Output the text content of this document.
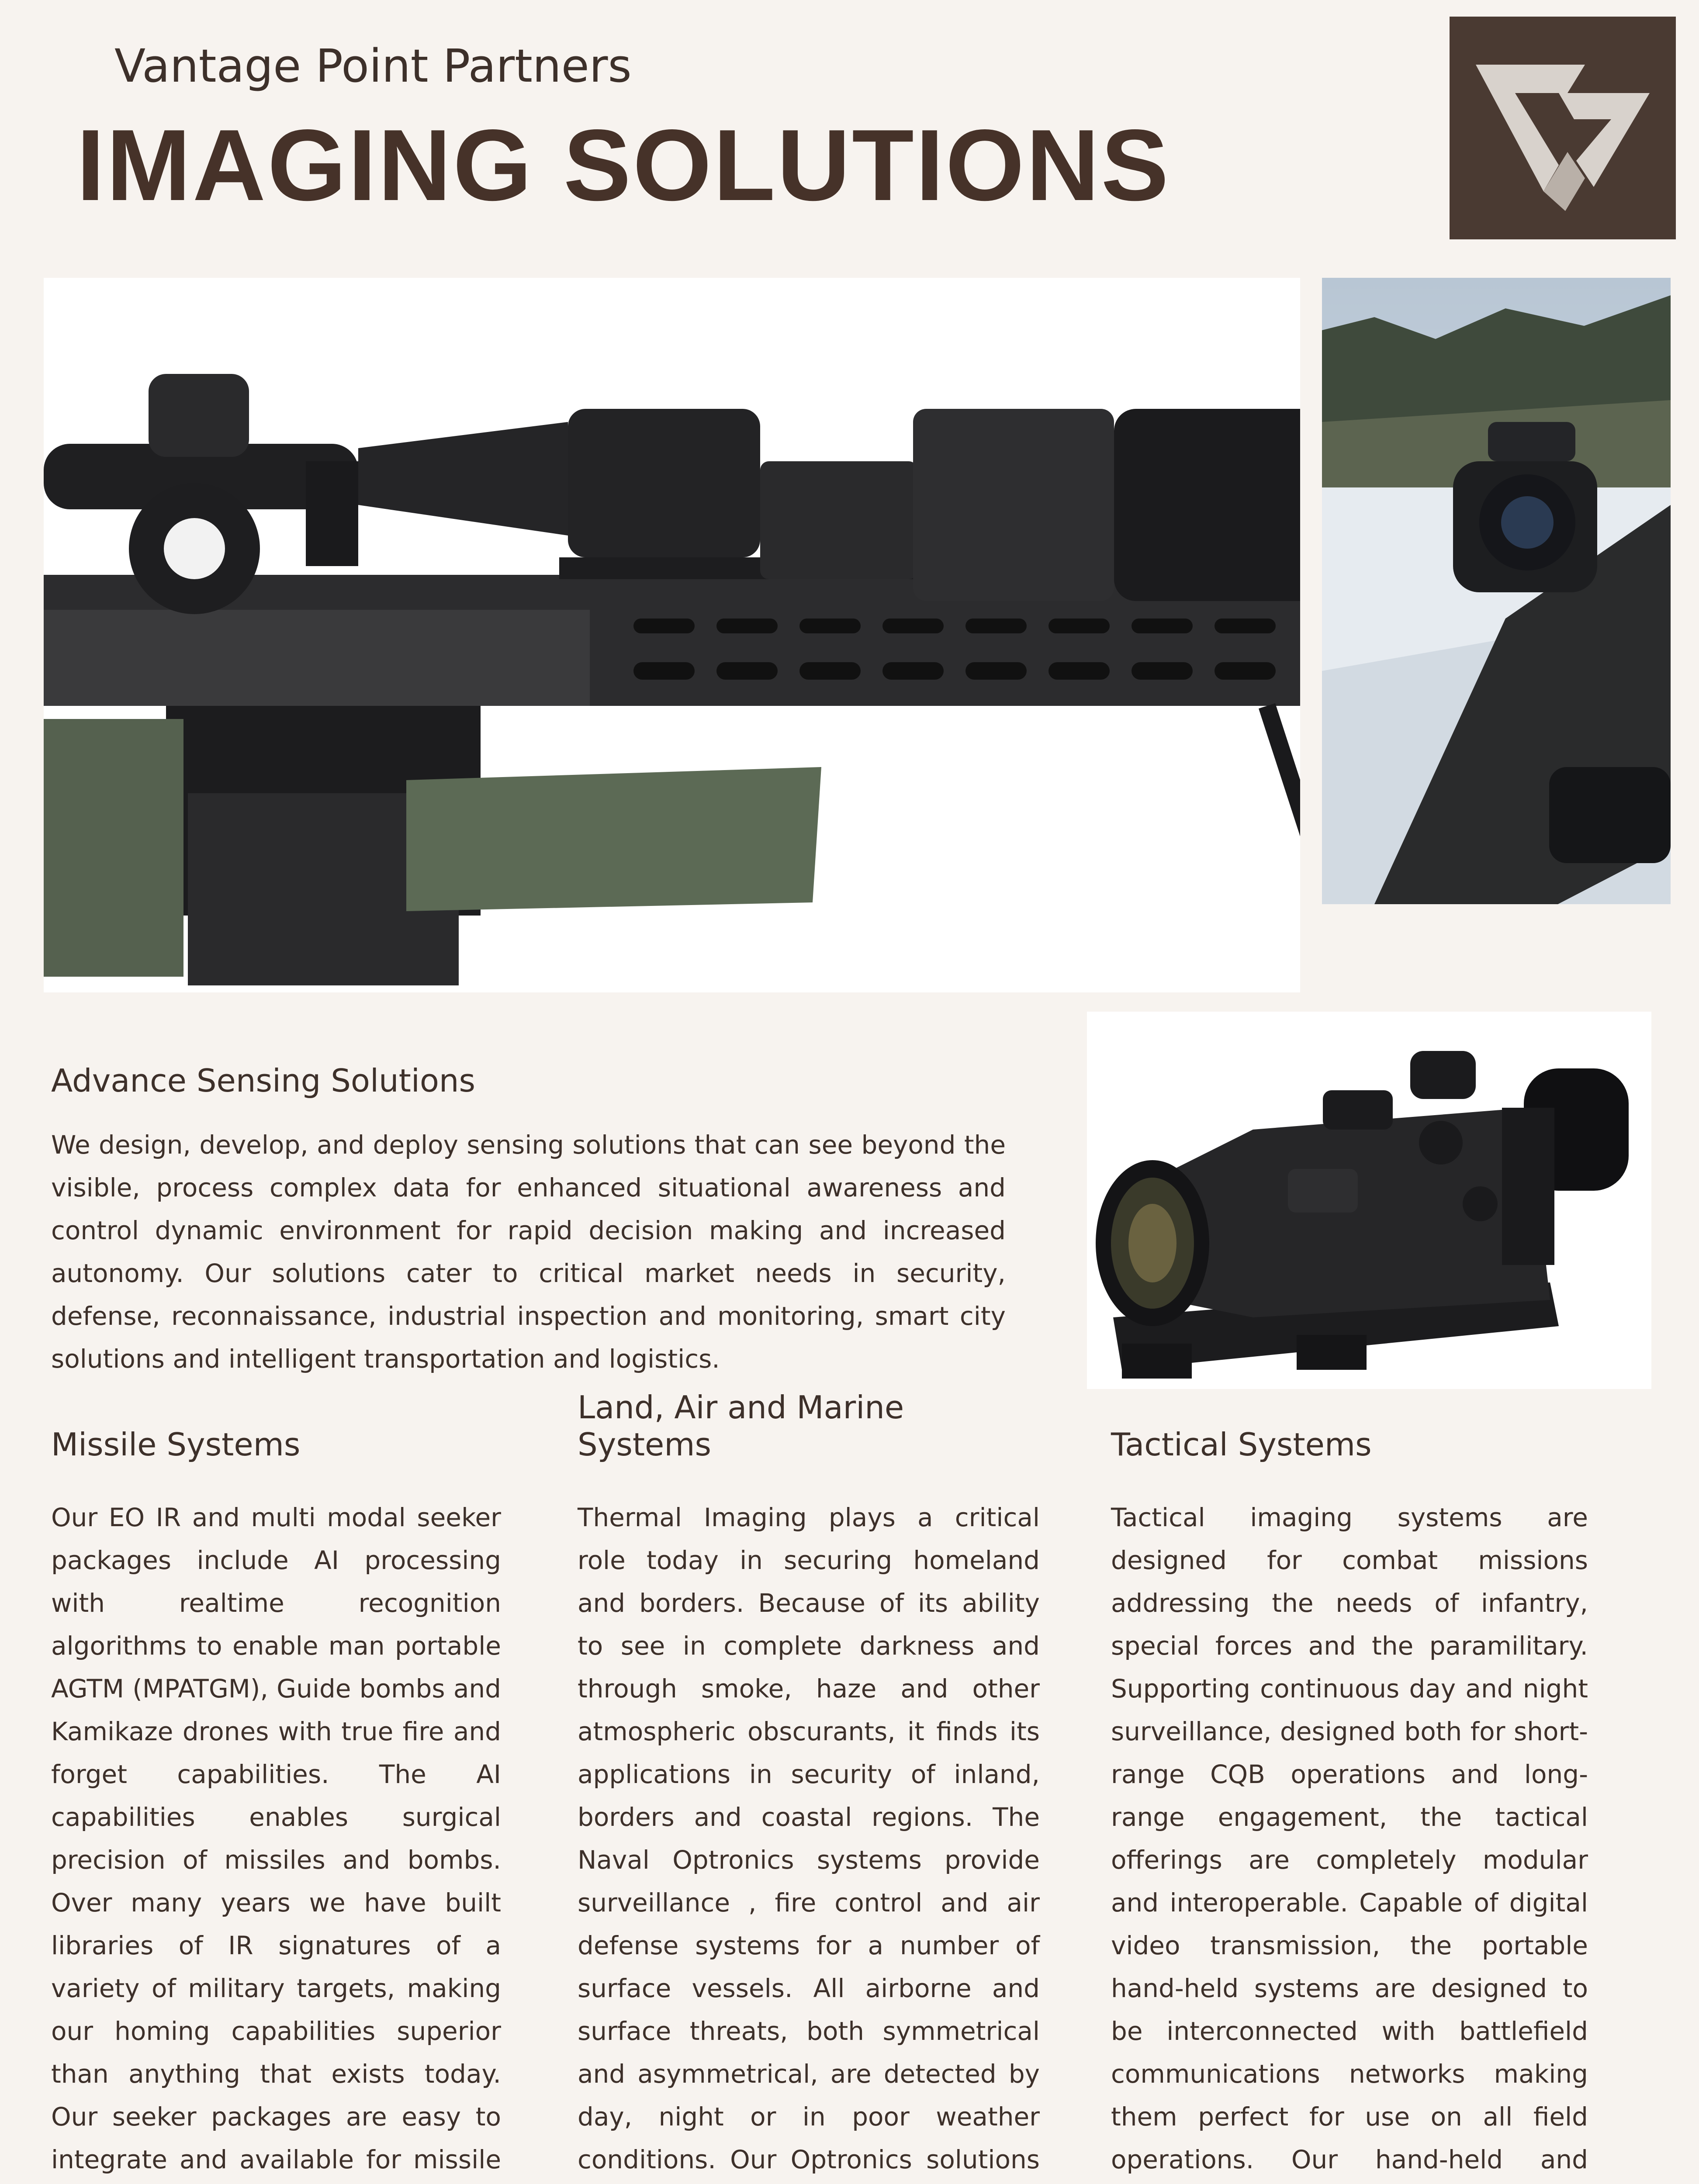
Vantage Point Partners
IMAGING SOLUTIONS
Advance Sensing Solutions
We design, develop, and deploy sensing solutions that can see beyond the visible, process complex data for enhanced situational awareness and control dynamic environment for rapid decision making and increased autonomy. Our solutions cater to critical market needs in security, defense, reconnaissance, industrial inspection and monitoring, smart city solutions and intelligent transportation and logistics.
Missile Systems
Land, Air and Marine Systems	Tactical Systems
Our EO IR and multi modal seeker packages include AI processing with realtime recognition algorithms to enable man portable AGTM (MPATGM), Guide bombs and Kamikaze drones with true fire and forget capabilities. The AI capabilities enables surgical precision of missiles and bombs. Over many years we have built libraries of IR signatures of a variety of military targets, making our homing capabilities superior than anything that exists today. Our seeker packages are easy to integrate and available for missile
Thermal Imaging plays a critical role today in securing homeland and borders. Because of its ability to see in complete darkness and through smoke, haze and other atmospheric obscurants, it finds its applications in security of inland, borders and coastal regions. The Naval Optronics systems provide surveillance , fire control and air defense systems for a number of surface vessels. All airborne and surface threats, both symmetrical and asymmetrical, are detected by day, night or in poor weather conditions. Our Optronics solutions
Tactical imaging systems are designed for combat missions addressing the needs of infantry, special forces and the paramilitary. Supporting continuous day and night surveillance, designed both for short-range CQB operations and long-range engagement, the tactical offerings are completely modular and interoperable. Capable of digital video transmission, the portable hand-held systems are designed to be interconnected with battlefield communications networks making them perfect for use on all field operations. Our hand-held and
